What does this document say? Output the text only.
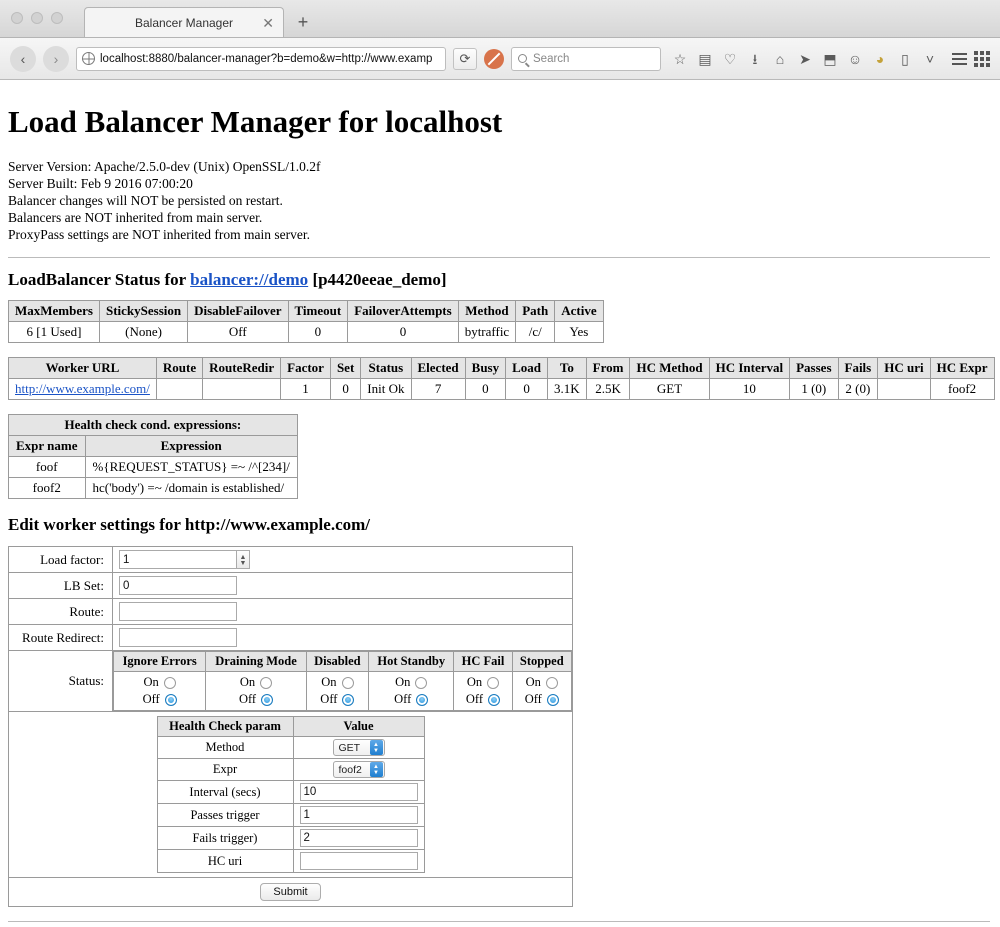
Balancer Manager ✕ +
‹	›	localhost:8880/balancer-manager?b=demo&w=http://www.examp	⟳	Search	☆ ▤ ♡	⭳	⌂ ➤ ⬒ ☺ ◕ ▯ ˅
Load Balancer Manager for localhost
Server Version: Apache/2.5.0-dev (Unix) OpenSSL/1.0.2f
Server Built: Feb 9 2016 07:00:20
Balancer changes will NOT be persisted on restart.
Balancers are NOT inherited from main server.
ProxyPass settings are NOT inherited from main server.
LoadBalancer Status for balancer://demo [p4420eeae_demo]
MaxMembers	StickySession	DisableFailover	Timeout	FailoverAttempts	Method	Path	Active
6 [1 Used]	(None)	Off	0	0	bytraffic	/c/	Yes
Worker URL	Route	RouteRedir	Factor	Set	Status	Elected	Busy	Load	To	From	HC Method	HC Interval	Passes	Fails	HC uri	HC Expr
http://www.example.com/			1	0	Init Ok	7	0	0	3.1K	2.5K	GET	10	1 (0)	2 (0)		foof2
Health check cond. expressions:	
Expr name	Expression
foof	%{REQUEST_STATUS} =~ /^[234]/
foof2	hc('body') =~ /domain is established/
Edit worker settings for http://www.example.com/
Load factor:	
1▲
▼

LB Set:	0
Route:	
Route Redirect:	
Status:	
Ignore Errors	Draining Mode	Disabled	Hot Standby	HC Fail	Stopped

On
Off

On
Off

On
Off

On
Off

On
Off

On
Off

Health Check param	Value
Method	GET	▲
▼

Expr	foof2	▲
▼

Interval (secs)	10
Passes trigger	1
Fails trigger)	2
HC uri	

Submit
